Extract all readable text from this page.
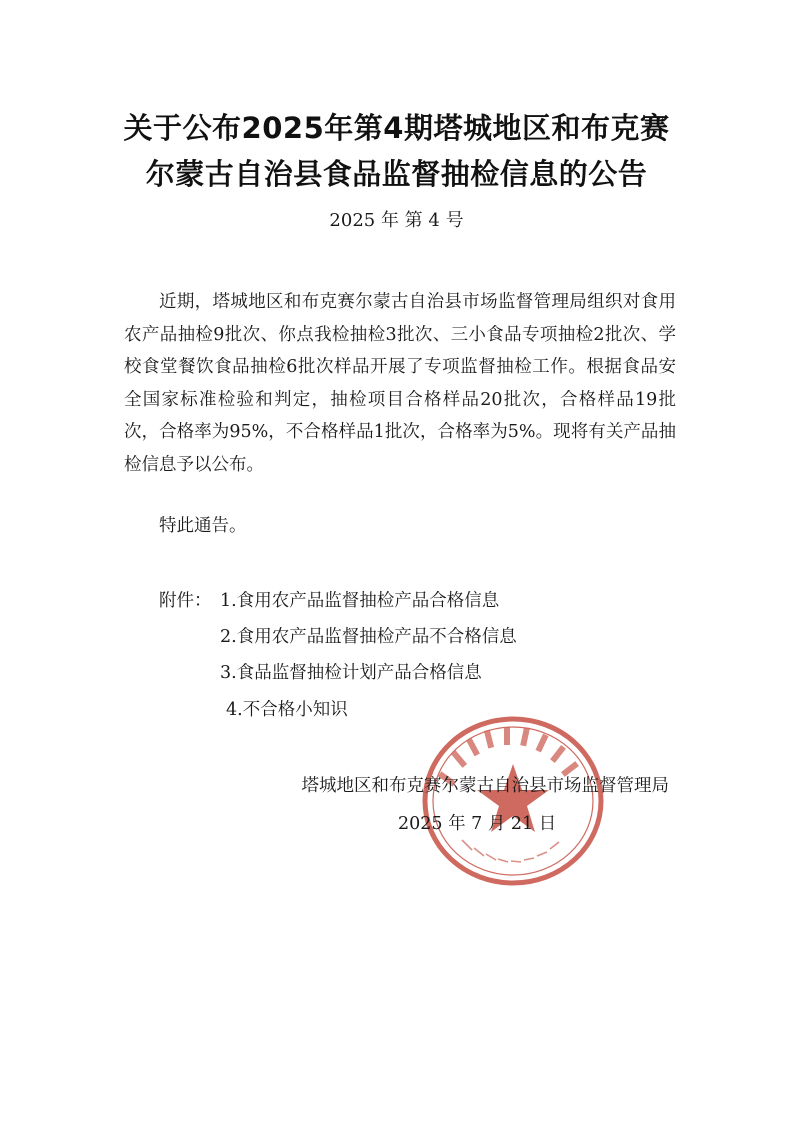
关于公布2025年第4期塔城地区和布克赛
尔蒙古自治县食品监督抽检信息的公告
2025 年 第 4 号

近期，塔城地区和布克赛尔蒙古自治县市场监督管理局组织对食用农产品抽检9批次、你点我检抽检3批次、三小食品专项抽检2批次、学校食堂餐饮食品抽检6批次样品开展了专项监督抽检工作。根据食品安全国家标准检验和判定，抽检项目合格样品20批次，合格样品19批次，合格率为95%，不合格样品1批次，合格率为5%。现将有关产品抽检信息予以公布。

特此通告。
附件： 1.食用农产品监督抽检产品合格信息
2.食用农产品监督抽检产品不合格信息
3.食品监督抽检计划产品合格信息
4.不合格小知识
塔城地区和布克赛尔蒙古自治县市场监督管理局
2025 年 7 月 21 日
